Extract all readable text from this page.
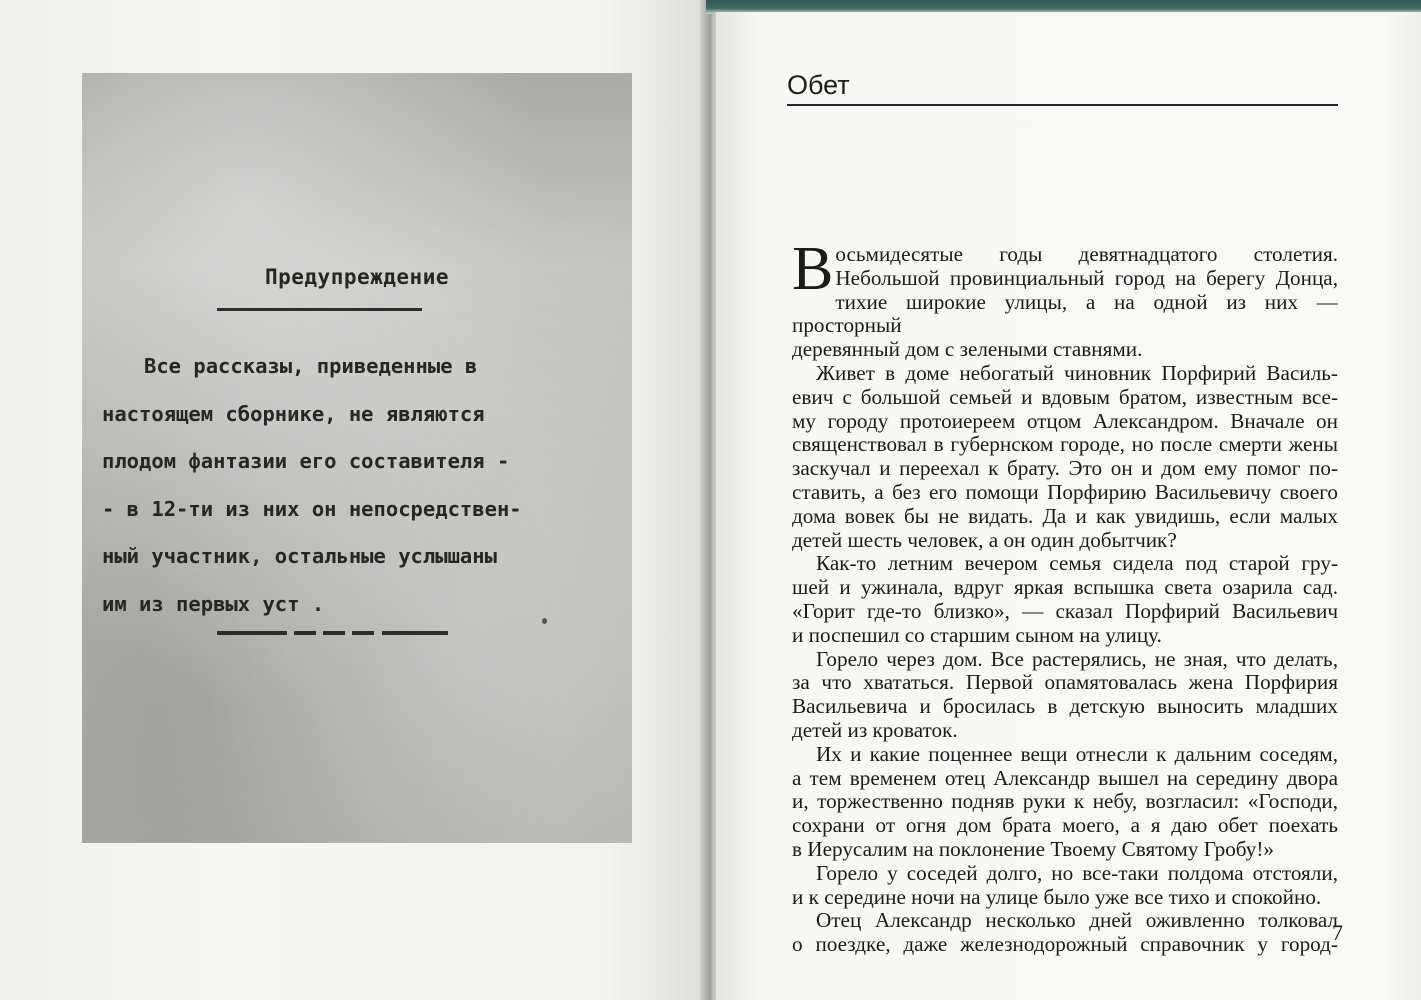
Предупреждение
Все рассказы, приведенные в
настоящем сборнике, не являются
плодом фантазии его составителя -
- в 12-ти из них он непосредствен-
ный участник, остальные услышаны
им из первых уст .
Обет
В осьмидесятые годы девятнадцатого столетия.
Небольшой провинциальный город на берегу Донца,
тихие широкие улицы, а на одной из них — просторный
деревянный дом с зелеными ставнями.
Живет в доме небогатый чиновник Порфирий Василь-
евич с большой семьей и вдовым братом, известным все-
му городу протоиереем отцом Александром. Вначале он
священствовал в губернском городе, но после смерти жены
заскучал и переехал к брату. Это он и дом ему помог по-
ставить, а без его помощи Порфирию Васильевичу своего
дома вовек бы не видать. Да и как увидишь, если малых
детей шесть человек, а он один добытчик?
Как-то летним вечером семья сидела под старой гру-
шей и ужинала, вдруг яркая вспышка света озарила сад.
«Горит где-то близко», — сказал Порфирий Васильевич
и поспешил со старшим сыном на улицу.
Горело через дом. Все растерялись, не зная, что делать,
за что хвататься. Первой опамятовалась жена Порфирия
Васильевича и бросилась в детскую выносить младших
детей из кроваток.
Их и какие поценнее вещи отнесли к дальним соседям,
а тем временем отец Александр вышел на середину двора
и, торжественно подняв руки к небу, возгласил: «Господи,
сохрани от огня дом брата моего, а я даю обет поехать
в Иерусалим на поклонение Твоему Святому Гробу!»
Горело у соседей долго, но все-таки полдома отстояли,
и к середине ночи на улице было уже все тихо и спокойно.
Отец Александр несколько дней оживленно толковал
о поездке, даже железнодорожный справочник у город-
7
